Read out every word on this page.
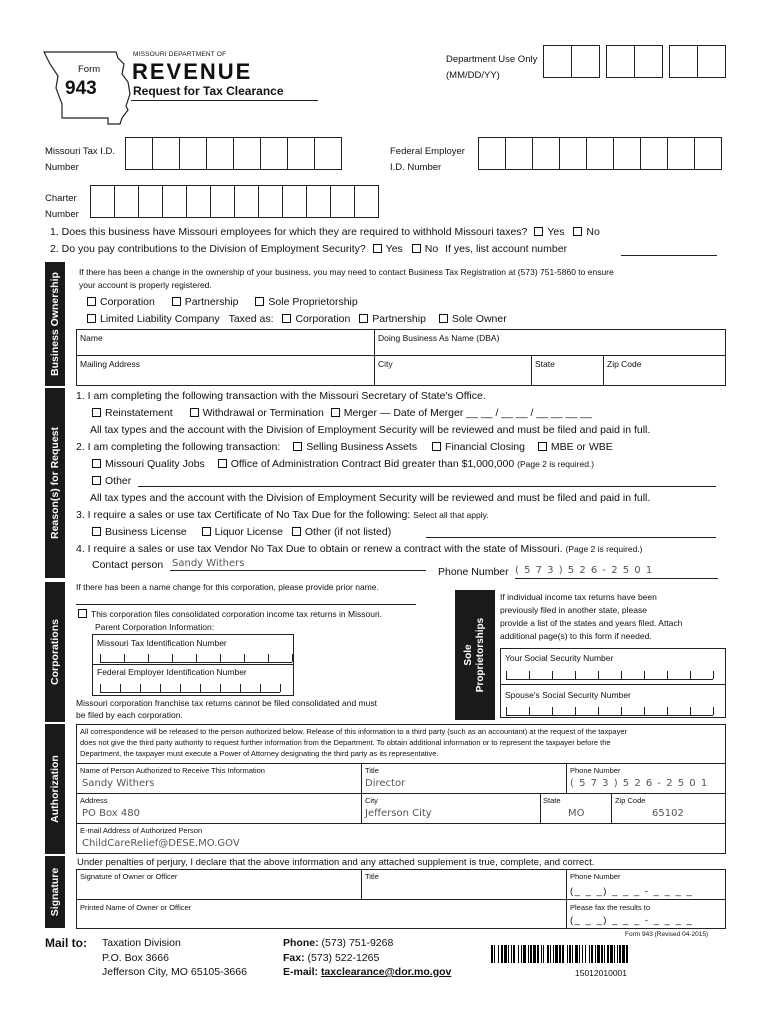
Form
943
MISSOURI DEPARTMENT OF
REVENUE
Request for Tax Clearance
Department Use Only
(MM/DD/YY)
Missouri Tax I.D.
Number
Federal Employer
I.D. Number
Charter
Number
1. Does this business have Missouri employees for which they are required to withhold Missouri taxes? Yes No
2. Do you pay contributions to the Division of Employment Security? Yes No If yes, list account number
Business Ownership
If there has been a change in the ownership of your business, you may need to contact Business Tax Registration at (573) 751-5860 to ensure
your account is properly registered.
Corporation	Partnership	Sole Proprietorship
Limited Liability Company Taxed as: Corporation Partnership Sole Owner
Name	Doing Business As Name (DBA)
Mailing Address	City	State	Zip Code
Reason(s) for Request
1. I am completing the following transaction with the Missouri Secretary of State's Office.
Reinstatement	Withdrawal or Termination Merger — Date of Merger __ __ / __ __ / __ __ __ __
All tax types and the account with the Division of Employment Security will be reviewed and must be filed and paid in full.
2. I am completing the following transaction: Selling Business Assets	Financial Closing MBE or WBE
Missouri Quality Jobs Office of Administration Contract Bid greater than $1,000,000 (Page 2 is required.)
Other
All tax types and the account with the Division of Employment Security will be reviewed and must be filed and paid in full.
3. I require a sales or use tax Certificate of No Tax Due for the following: Select all that apply.
Business License	Liquor License Other (if not listed)
4. I require a sales or use tax Vendor No Tax Due to obtain or renew a contract with the state of Missouri. (Page 2 is required.)
Contact person Sandy Withers
Phone Number ( 5 7 3 ) 5 2 6 - 2 5 0 1
Corporations
If there has been a name change for this corporation, please provide prior name.
This corporation files consolidated corporation income tax returns in Missouri.
Parent Corporation Information:
Missouri Tax Identification Number
Federal Employer Identification Number
Missouri corporation franchise tax returns cannot be filed consolidated and must
be filed by each corporation.
Sole Proprietorships
If individual income tax returns have been
previously filed in another state, please
provide a list of the states and years filed. Attach
additional page(s) to this form if needed.
Your Social Security Number
Spouse's Social Security Number
Authorization
All correspondence will be released to the person authorized below. Release of this information to a third party (such as an accountant) at the request of the taxpayer
does not give the third party authority to request further information from the Department. To obtain additional information or to represent the taxpayer before the
Department, the taxpayer must execute a Power of Attorney designating the third party as its representative.
Name of Person Authorized to Receive This Information
Sandy Withers
Title
Director
Phone Number
( 5 7 3 ) 5 2 6 - 2 5 0 1
Address
PO Box 480
City
Jefferson City
State
MO
Zip Code
65102
E-mail Address of Authorized Person
ChildCareRelief@DESE.MO.GOV
Signature
Under penalties of perjury, I declare that the above information and any attached supplement is true, complete, and correct.
Signature of Owner or Officer	Title	Phone Number
(_ _ _) _ _ _ - _ _ _ _
Printed Name of Owner or Officer	Please fax the results to
(_ _ _) _ _ _ - _ _ _ _
Form 943 (Revised 04-2015)
Mail to: Taxation Division
P.O. Box 3666
Jefferson City, MO 65105-3666
Phone: (573) 751-9268
Fax: (573) 522-1265
E-mail: taxclearance@dor.mo.gov	15012010001
